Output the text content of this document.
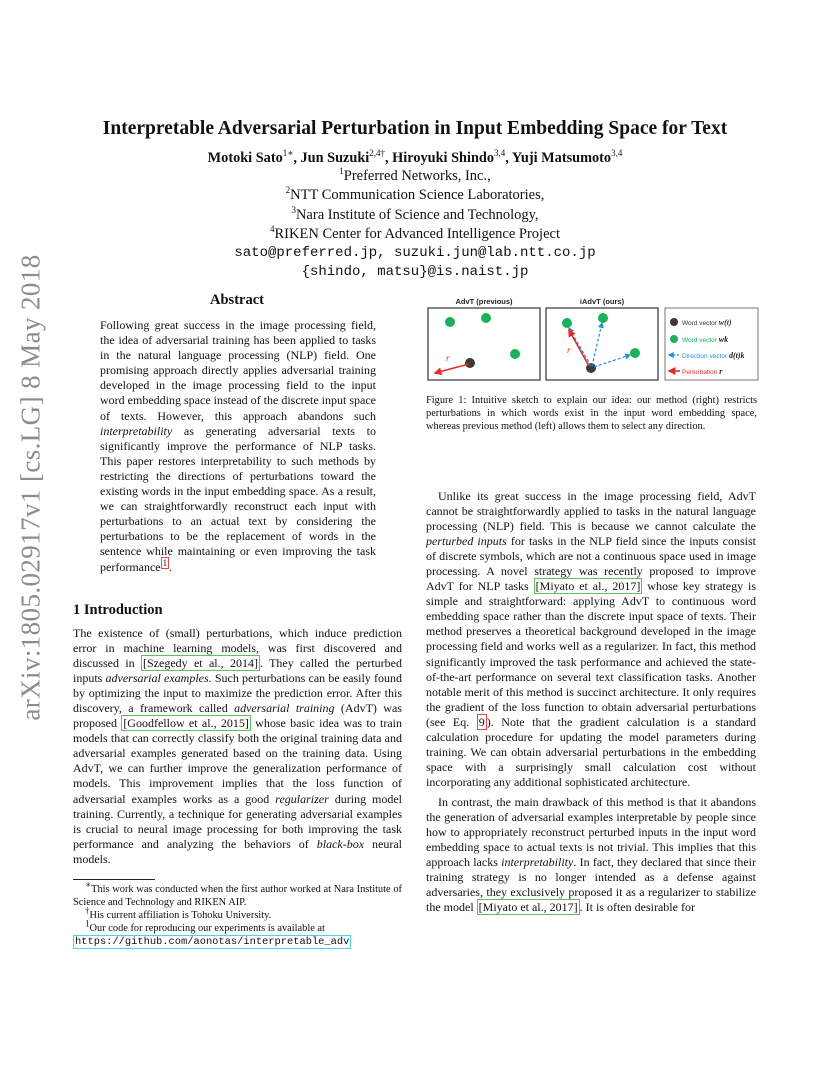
arXiv:1805.02917v1 [cs.LG] 8 May 2018
Interpretable Adversarial Perturbation in Input Embedding Space for Text
Motoki Sato$^{1∗}$, Jun Suzuki$^{2,4\dagger}$, Hiroyuki Shindo$^{3,4}$, Yuji Matsumoto$^{3,4}$
$^1$Preferred Networks, Inc.,
$^2$NTT Communication Science Laboratories,
$^3$Nara Institute of Science and Technology,
$^4$RIKEN Center for Advanced Intelligence Project
sato@preferred.jp, suzuki.jun@lab.ntt.co.jp
{shindo, matsu}@is.naist.jp
Abstract

Following great success in the image processing field, the idea of adversarial training has been applied to tasks in the natural language processing (NLP) field. One promising approach directly applies adversarial training developed in the image processing field to the input word embedding space instead of the discrete input space of texts. However, this approach abandons such interpretability as generating adversarial texts to significantly improve the performance of NLP tasks. This paper restores interpretability to such methods by restricting the directions of perturbations toward the existing words in the input embedding space. As a result, we can straightforwardly reconstruct each input with perturbations to an actual text by considering the perturbations to be the replacement of words in the sentence while maintaining or even improving the task performance $^1$ .

1 Introduction

The existence of (small) perturbations, which induce prediction error in machine learning models, was first discovered and discussed in [Szegedy et al., 2014] . They called the perturbed inputs adversarial examples. Such perturbations can be easily found by optimizing the input to maximize the prediction error. After this discovery, a framework called adversarial training (AdvT) was proposed [Goodfellow et al., 2015] whose basic idea was to train models that can correctly classify both the original training data and adversarial examples generated based on the training data. Using AdvT, we can further improve the generalization performance of models. This improvement implies that the loss function of adversarial examples works as a good regularizer during model training. Currently, a technique for generating adversarial examples is crucial to neural image processing for both improving the task performance and analyzing the behaviors of black-box neural models.

∗This work was conducted when the first author worked at Nara Institute of Science and Technology and RIKEN AIP.

†His current affiliation is Tohoku University.

$^1$Our code for reproducing our experiments is available at

https://github.com/aonotas/interpretable_adv

AdvT (previous)
r
iAdvT (ours)
r
Word vector w(t)
Word vector wk
Direction vector d(t)k
Perturbation r

Figure 1: Intuitive sketch to explain our idea: our method (right) restricts perturbations in which words exist in the input word embedding space, whereas previous method (left) allows them to select any direction.

Unlike its great success in the image processing field, AdvT cannot be straightforwardly applied to tasks in the natural language processing (NLP) field. This is because we cannot calculate the perturbed inputs for tasks in the NLP field since the inputs consist of discrete symbols, which are not a continuous space used in image processing. A novel strategy was recently proposed to improve AdvT for NLP tasks [Miyato et al., 2017] whose key strategy is simple and straightforward: applying AdvT to continuous word embedding space rather than the discrete input space of texts. Their method preserves a theoretical background developed in the image processing field and works well as a regularizer. In fact, this method significantly improved the task performance and achieved the state-of-the-art performance on several text classification tasks. Another notable merit of this method is succinct architecture. It only requires the gradient of the loss function to obtain adversarial perturbations (see Eq. 9 ). Note that the gradient calculation is a standard calculation procedure for updating the model parameters during training. We can obtain adversarial perturbations in the embedding space with a surprisingly small calculation cost without incorporating any additional sophisticated architecture.

In contrast, the main drawback of this method is that it abandons the generation of adversarial examples interpretable by people since how to appropriately reconstruct perturbed inputs in the input word embedding space to actual texts is not trivial. This implies that this approach lacks interpretability. In fact, they declared that since their training strategy is no longer intended as a defense against adversaries, they exclusively proposed it as a regularizer to stabilize the model [Miyato et al., 2017] . It is often desirable for
